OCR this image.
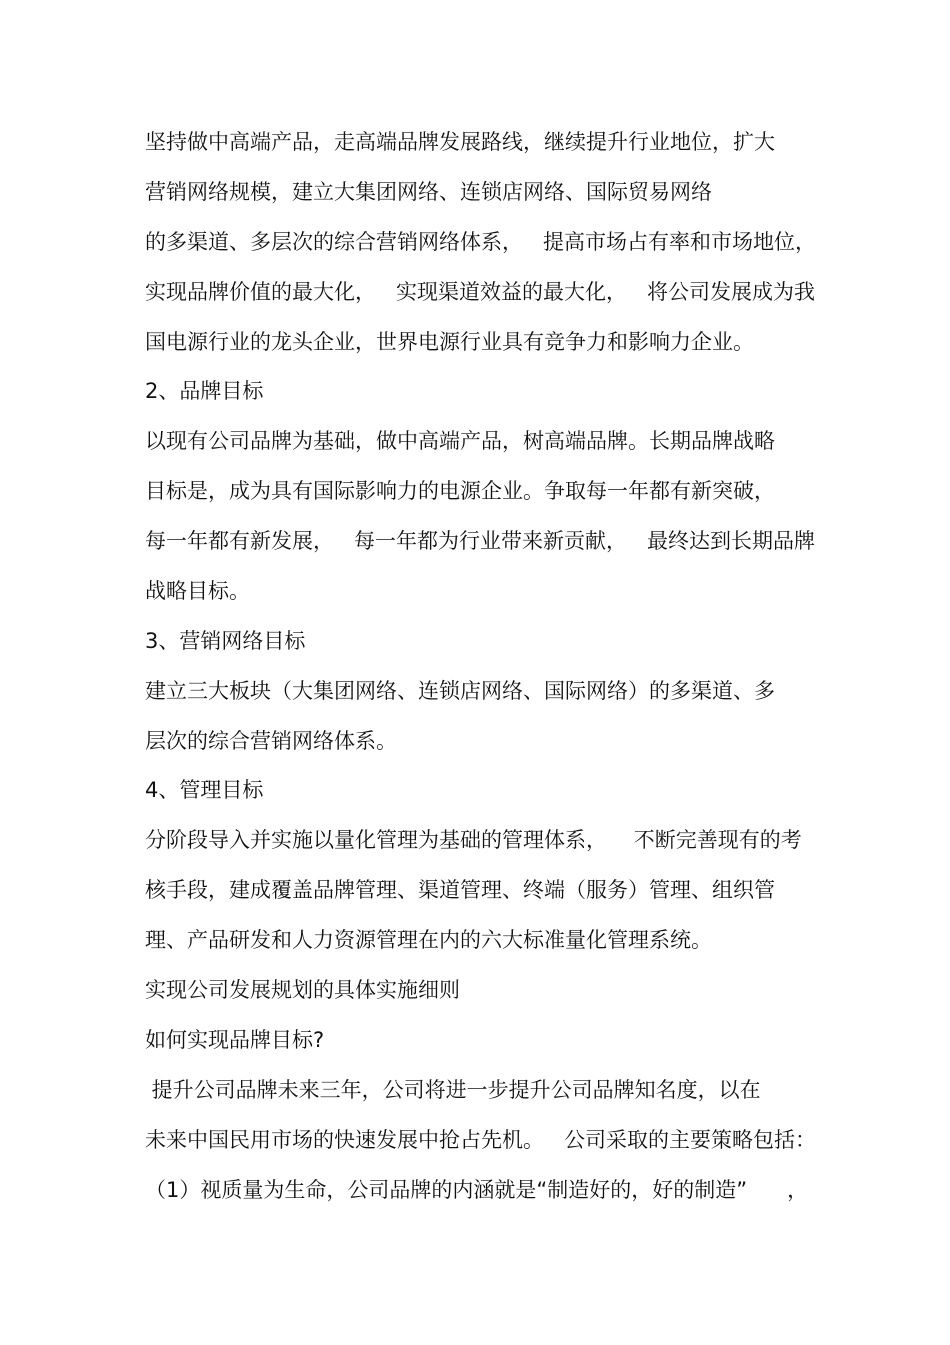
坚持做中高端产品，走高端品牌发展路线，继续提升行业地位，扩大
营销网络规模，建立大集团网络、连锁店网络、国际贸易网络
的多渠道、多层次的综合营销网络体系，   提高市场占有率和市场地位，
实现品牌价值的最大化，   实现渠道效益的最大化，   将公司发展成为我
国电源行业的龙头企业，世界电源行业具有竞争力和影响力企业。
2、品牌目标
以现有公司品牌为基础，做中高端产品，树高端品牌。长期品牌战略
目标是，成为具有国际影响力的电源企业。争取每一年都有新突破，
每一年都有新发展，   每一年都为行业带来新贡献，   最终达到长期品牌
战略目标。
3、营销网络目标
建立三大板块（大集团网络、连锁店网络、国际网络）的多渠道、多
层次的综合营销网络体系。
4、管理目标
分阶段导入并实施以量化管理为基础的管理体系，    不断完善现有的考
核手段，建成覆盖品牌管理、渠道管理、终端（服务）管理、组织管
理、产品研发和人力资源管理在内的六大标准量化管理系统。
实现公司发展规划的具体实施细则
如何实现品牌目标?
提升公司品牌未来三年，公司将进一步提升公司品牌知名度，以在
未来中国民用市场的快速发展中抢占先机。   公司采取的主要策略包括：
（1）视质量为生命，公司品牌的内涵就是“制造好的，好的制造”      ，
